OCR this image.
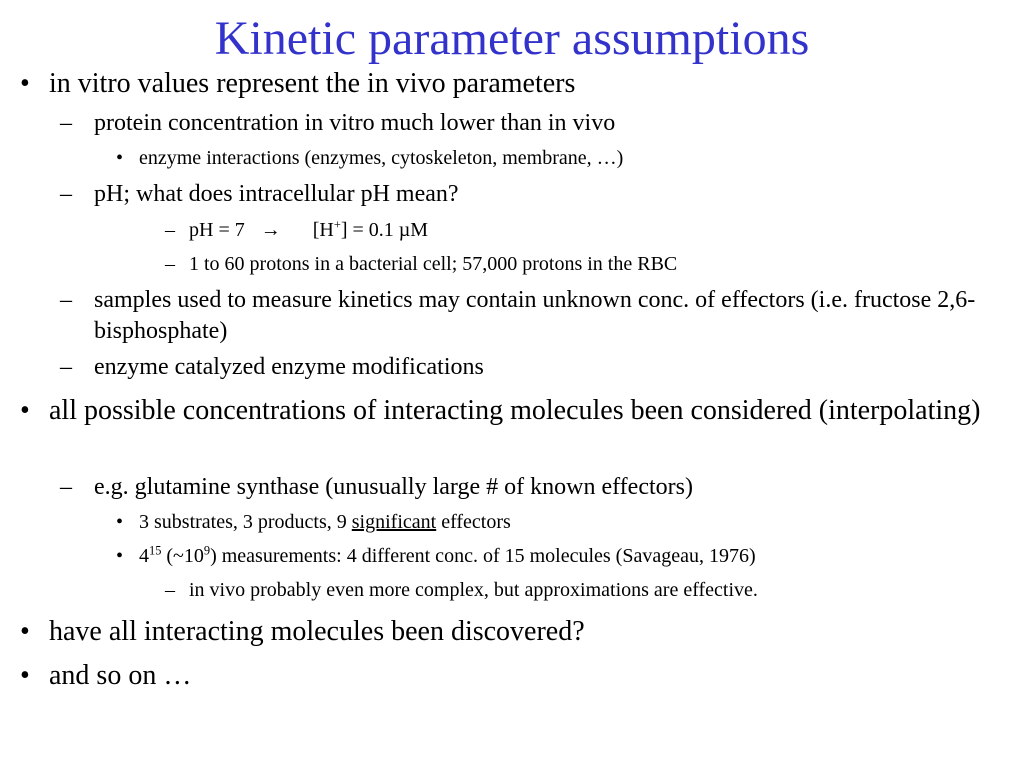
Kinetic parameter assumptions
• in vitro values represent the in vivo parameters
– protein concentration in vitro much lower than in vivo
• enzyme interactions (enzymes, cytoskeleton, membrane, …)
– pH; what does intracellular pH mean?
– pH = 7 → [H+] = 0.1 µM
– 1 to 60 protons in a bacterial cell; 57,000 protons in the RBC
– samples used to measure kinetics may contain unknown conc. of effectors (i.e. fructose 2,6-bisphosphate)
– enzyme catalyzed enzyme modifications
• all possible concentrations of interacting molecules been considered (interpolating)
– e.g. glutamine synthase (unusually large # of known effectors)
• 3 substrates, 3 products, 9 significant effectors
• $4^{15}$ $(\sim 10^9)$ measurements: 4 different conc. of 15 molecules (Savageau, 1976)
– in vivo probably even more complex, but approximations are effective.
• have all interacting molecules been discovered?
• and so on …
